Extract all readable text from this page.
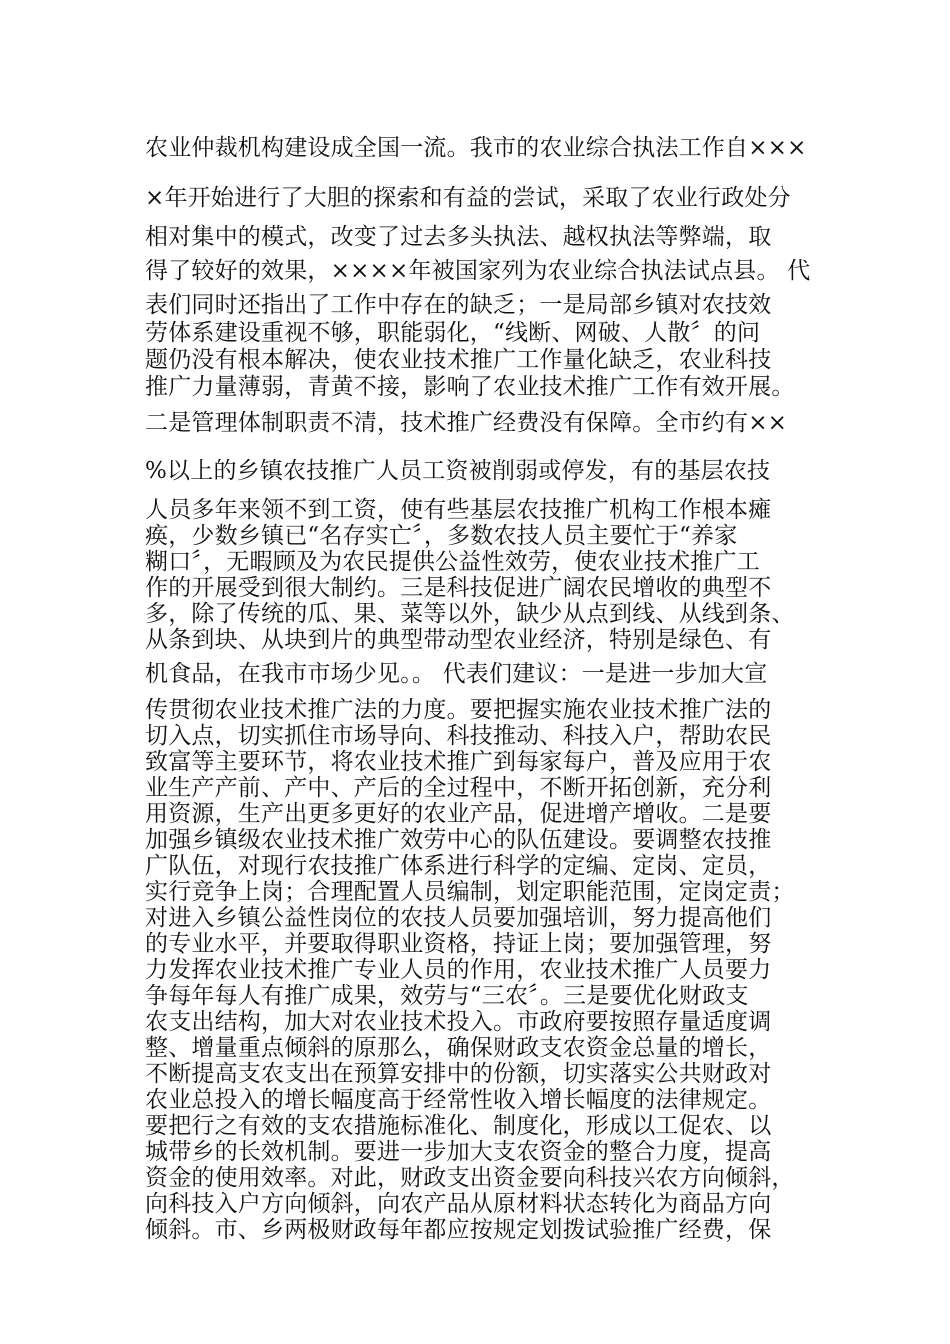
农业仲裁机构建设成全国一流。我市的农业综合执法工作自×××
×年开始进行了大胆的探索和有益的尝试，采取了农业行政处分
相对集中的模式，改变了过去多头执法、越权执法等弊端，取
得了较好的效果，××××年被国家列为农业综合执法试点县。 代
表们同时还指出了工作中存在的缺乏；一是局部乡镇对农技效
劳体系建设重视不够，职能弱化，“线断、网破、人散〞的问
题仍没有根本解决，使农业技术推广工作量化缺乏，农业科技
推广力量薄弱，青黄不接，影响了农业技术推广工作有效开展。
二是管理体制职责不清，技术推广经费没有保障。全市约有××
%以上的乡镇农技推广人员工资被削弱或停发，有的基层农技
人员多年来领不到工资，使有些基层农技推广机构工作根本瘫
痪，少数乡镇已“名存实亡〞，多数农技人员主要忙于“养家
糊口〞，无暇顾及为农民提供公益性效劳，使农业技术推广工
作的开展受到很大制约。三是科技促进广阔农民增收的典型不
多，除了传统的瓜、果、菜等以外，缺少从点到线、从线到条、
从条到块、从块到片的典型带动型农业经济，特别是绿色、有
机食品，在我市市场少见。。 代表们建议：一是进一步加大宣
传贯彻农业技术推广法的力度。要把握实施农业技术推广法的
切入点，切实抓住市场导向、科技推动、科技入户，帮助农民
致富等主要环节，将农业技术推广到每家每户，普及应用于农
业生产产前、产中、产后的全过程中，不断开拓创新，充分利
用资源，生产出更多更好的农业产品，促进增产增收。二是要
加强乡镇级农业技术推广效劳中心的队伍建设。要调整农技推
广队伍，对现行农技推广体系进行科学的定编、定岗、定员，
实行竞争上岗；合理配置人员编制，划定职能范围，定岗定责；
对进入乡镇公益性岗位的农技人员要加强培训，努力提高他们
的专业水平，并要取得职业资格，持证上岗；要加强管理，努
力发挥农业技术推广专业人员的作用，农业技术推广人员要力
争每年每人有推广成果，效劳与“三农〞。三是要优化财政支
农支出结构，加大对农业技术投入。市政府要按照存量适度调
整、增量重点倾斜的原那么，确保财政支农资金总量的增长，
不断提高支农支出在预算安排中的份额，切实落实公共财政对
农业总投入的增长幅度高于经常性收入增长幅度的法律规定。
要把行之有效的支农措施标准化、制度化，形成以工促农、以
城带乡的长效机制。要进一步加大支农资金的整合力度，提高
资金的使用效率。对此，财政支出资金要向科技兴农方向倾斜，
向科技入户方向倾斜，向农产品从原材料状态转化为商品方向
倾斜。市、乡两极财政每年都应按规定划拨试验推广经费，保
